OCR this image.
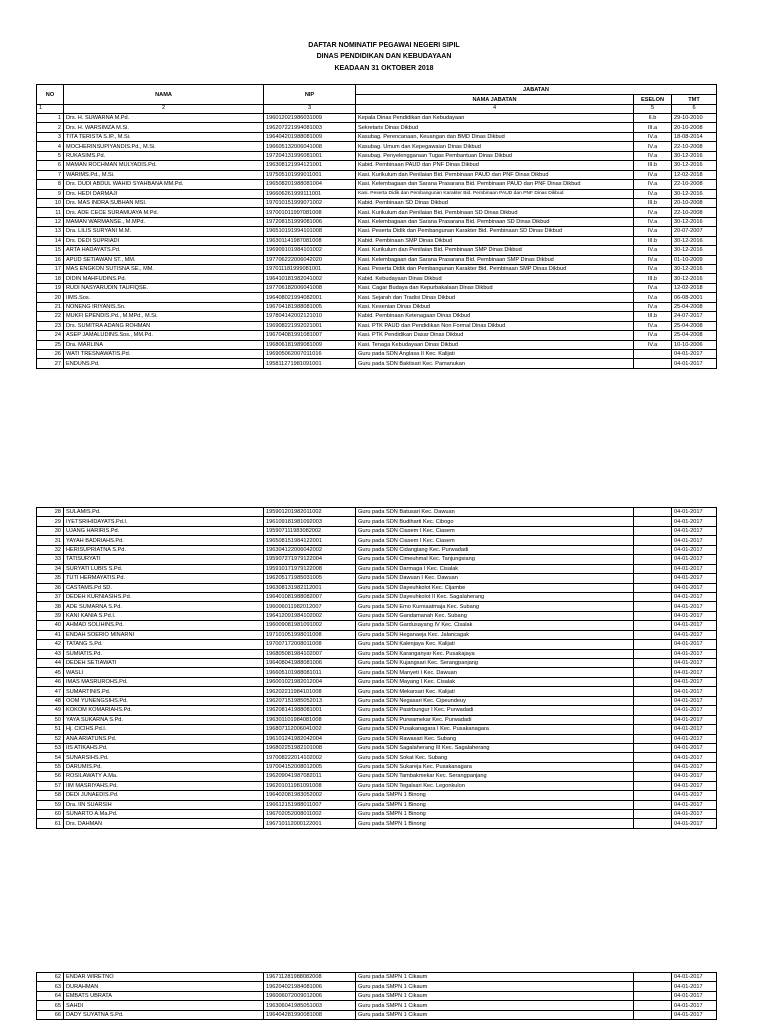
DAFTAR NOMINATIF PEGAWAI NEGERI SIPIL
DINAS PENDIDIKAN DAN KEBUDAYAAN
KEADAAN 31 OKTOBER 2018
NO	NAMA	NIP	JABATAN		
			NAMA JABATAN	ESELON	TMT
1	2	3	4	5	6
1	Drs. H. SUWARNA M.Pd.	196012021986031009	Kepala Dinas Pendidikan dan Kebudayaan	II.b	29-10-2010
2	Drs. H. WARSIMZA M.Si.	196207221994081003	Sekretaris Dinas Dikbud	III.a	20-10-2008
3	TITA TERISTA S.IP., M.Si.	196404201988081009	Kasubag. Perencanaan, Keuangan dan BMD Dinas Dikbud	IV.a	18-08-2014
4	MOCHERINSUPIYANDIS.Pd., M.Si.	196605132006041008	Kasubag. Umum dan Kepegawaian Dinas Dikbud	IV.a	22-10-2008
5	RUKASIMS.Pd.	197204131996081001	Kasubag. Penyelenggaraan Tugas Pembantuan Dinas Dikbud	IV.a	30-12-2016
6	MAMAN ROCHMAN MULYADIS.Pd.	196308121994121001	Kabid. Pembinaan PAUD dan PNF Dinas Dikbud	III.b	30-12-2016
7	WARIMS.Pd., M.Si.	197505101999011001	Kasi. Kurikulum dan Penilaian Bid. Pembinaan PAUD dan PNF Dinas Dikbud	IV.a	12-02-2018
8	Drs. DUDI ABDUL WAHID SYAHBANA MM.Pd.	196508201988081004	Kasi. Kelembagaan dan Sarana Prasarana Bid. Pembinaan PAUD dan PNF Dinas Dikbud	IV.a	22-10-2008
9	Drs. HEDI DARMAJI	196606261999111001	Kasi. Peserta Didik dan Pembangunan Karakter Bid. Pembinaan PAUD dan PNF Dinas Dikbud	IV.a	30-12-2016
10	Drs. MAS INDRA SUBHAN MSI.	197010151999071002	Kabid. Pembinaan SD Dinas Dikbud	III.b	20-10-2008
11	Drs. ADE CECE SURAMUAYA M.Pd.	197001011997081008	Kasi. Kurikulum dan Penilaian Bid. Pembinaan SD Dinas Dikbud	IV.a	22-10-2008
12	MAMAN WARMANSE., M.MPd.	197208151999081006	Kasi. Kelembagaan dan Sarana Prasarana Bid. Pembinaan SD Dinas Dikbud	IV.a	30-12-2016
13	Dra. LILIS SURYANI M.M.	196510191994101008	Kasi. Peserta Didik dan Pembangunan Karakter Bid. Pembinaan SD Dinas Dikbud	IV.a	20-07-2007
14	Drs. DEDI SUPRIADI	196301141987081008	Kabid. Pembinaan SMP Dinas Dikbud	III.b	30-12-2016
15	ARTA HADAYATS.Pd.	196909101984101002	Kasi. Kurikulum dan Penilaian Bid. Pembinaan SMP Dinas Dikbud	IV.a	30-12-2016
16	APUD SETIAWAN ST., MM.	197706222006042020	Kasi. Kelembagaan dan Sarana Prasarana Bid. Pembinaan SMP Dinas Dikbud	IV.a	01-10-2009
17	MAS ENGKON SUTISNA SE., MM.	197011181999081001	Kasi. Peserta Didik dan Pembangunan Karakter Bid. Pembinaan SMP Dinas Dikbud	IV.a	30-12-2016
18	DIDIN MAHFUDINS.Pd.	196410181982041002	Kabid. Kebudayaan Dinas Dikbud	III.b	30-12-2016
19	RUDI NASYARUDIN TAUFIQSE.	197706182006041008	Kasi. Cagar Budaya dan Kepurbakalaan Dinas Dikbud	IV.a	12-02-2018
20	IIMS.Sos.	196408021994082001	Kasi. Sejarah dan Tradisi Dinas Dikbud	IV.a	06-08-2001
21	NONENG IRIYANIS.Sn.	196704181988081005	Kasi. Kesenian Dinas Dikbud	IV.a	25-04-2008
22	MUKFI EPENDIS.Pd., M.MPd., M.Si.	197804142002121010	Kabid. Pembinaan Ketenagaan Dinas Dikbud	III.b	24-07-2017
23	Drs. SUMITRA ADANG ROHMAN	196908221992021001	Kasi. PTK PAUD dan Pendidikan Non Formal Dinas Dikbud	IV.a	25-04-2008
24	ASEP JAMALUDINS.Sos., MM.Pd.	196704081991081007	Kasi. PTK Pendidikan Dasar Dinas Dikbud	IV.a	25-04-2008
25	Dra. MARLINA	196806181989081009	Kasi. Tenaga Kebudayaan Dinas Dikbud	IV.a	10-10-2006
26	WATI TRESNAWATIS.Pd.	196905062007011016	Guru pada SDN Anglasa II Kec. Kalijati		04-01-2017
27	ENDUNS.Pd.	195811271981091001	Guru pada SDN Baktisari Kec. Pamanukan		04-01-2017
28	SULAMIS.Pd.	195901201982011002	Guru pada SDN Batusari Kec. Dawuan		04-01-2017
29	IYETSRIHIDAYATS.Pd.I.	196109181981092003	Guru pada SDN Budiharti Kec. Cibogo		04-01-2017
30	UJANG HARIRIS.Pd.	195907111983082002	Guru pada SDN Ciasem I Kec. Ciasem		04-01-2017
31	YAYAH BADRIAHS.Pd.	196508151984122001	Guru pada SDN Ciasem I Kec. Ciasem		04-01-2017
32	HERISUPRIATNA S.Pd.	196304122006042002	Guru pada SDN Cidangiang Kec. Purwadadi		04-01-2017
33	TATISURYATI	195907271979122004	Guru pada SDN Cimeuhmal Kec. Tanjungsiang		04-01-2017
34	SURYATI LUBIS S.Pd.	195910171979122008	Guru pada SDN Darmaga I Kec. Cisalak		04-01-2017
35	TUTI HERMAYATIS.Pd.	196205171985031005	Guru pada SDN Dawuan I Kec. Dawuan		04-01-2017
36	CASTAMS.Pd SD.	196308131982112001	Guru pada SDN Dayeuhkolot Kec. Cijambe		04-01-2017
37	DEDEH KURNIASIHS.Pd.	196401081988082007	Guru pada SDN Dayeuhkolot II Kec. Sagalaherang		04-01-2017
38	ADE SUMARNA S.Pd.	196006011982012007	Guru pada SDN Emo Kurniaatmaja Kec. Subang		04-01-2017
39	KANI KANIA S.Pd.I.	196412091984102002	Guru pada SDN Gandamanah Kec. Subang		04-01-2017
40	AHMAD SOLIHINS.Pd.	196009081981091002	Guru pada SDN Gardusayang IV Kec. Cisalak		04-01-2017
41	ENDAH SOERIO MINARNI	197101051998011008	Guru pada SDN Heganaeja Kec. Jalancagak		04-01-2017
42	TATANG S.Pd.	197007172008011008	Guru pada SDN Kalenjaya Kec. Kalijati		04-01-2017
43	SUMIATIS.Pd.	196805081984102007	Guru pada SDN Karanganyar Kec. Pusakajaya		04-01-2017
44	DEDEH SETIAWATI	196408041988081006	Guru pada SDN Kujangsari Kec. Serangpanjang		04-01-2017
45	WASLI	196605101988081011	Guru pada SDN Manyeti I Kec. Dawuan		04-01-2017
46	IMAS MASRUROHS.Pd.	196001021982012004	Guru pada SDN Mayang I Kec. Cisalak		04-01-2017
47	SUMARTINIS.Pd.	196202211984101008	Guru pada SDN Mekarsari Kec. Kalijati		04-01-2017
48	OOM YUNENGSIHS.Pd.	196207151985052013	Guru pada SDN Negasari Kec. Cipeundeuy		04-01-2017
49	KOKOM KOMARIAHS.Pd.	196208141988081001	Guru pada SDN Pasirbungur I Kec. Purwadadi		04-01-2017
50	YAYA SUKARNA S.Pd.	196301101984081008	Guru pada SDN Purwamekar Kec. Purwadadi		04-01-2017
51	Hj. CICIHS.Pd.I.	196807112006041002	Guru pada SDN Pusakanagara I Kec. Pusakanagara		04-01-2017
52	ANA ARIATUNS.Pd.	196101241982042004	Guru pada SDN Rawasari Kec. Subang		04-01-2017
53	IIS ATIKAHS.Pd.	196802251982101008	Guru pada SDN Sagalaherang III Kec. Sagalaherang		04-01-2017
54	SUNARSIHS.Pd.	197008222014102002	Guru pada SDN Sokat Kec. Subang		04-01-2017
55	DARUMIS.Pd.	197004152008012005	Guru pada SDN Sukareja Kec. Pusakanagara		04-01-2017
56	ROSILAWATY A.Ma.	196209041987082011	Guru pada SDN Tambakmekar Kec. Serangpanjang		04-01-2017
57	IIM MASRIYAHS.Pd.	196201011981091008	Guru pada SDN Tegalsari Kec. Legonkulon		04-01-2017
58	DEDI JUNAEDIS.Pd.	196402081983052002	Guru pada SMPN 1 Binong		04-01-2017
59	Dra. IIN SUARSIH	196612151988011007	Guru pada SMPN 1 Binong		04-01-2017
60	SUNARTO A.Ma.Pd.	196702052008011002	Guru pada SMPN 1 Binong		04-01-2017
61	Drs. DAHMAN	196710112000122001	Guru pada SMPN 1 Binong		04-01-2017
62	ENDAR WIRETNO	196711281988082008	Guru pada SMPN 1 Cikaum		04-01-2017
63	DURAHMAN	196204021984081006	Guru pada SMPN 1 Cikaum		04-01-2017
64	EMBATS UBRATA	196006072009012006	Guru pada SMPN 1 Cikaum		04-01-2017
65	SAHDI	196306041985051003	Guru pada SMPN 1 Cikaum		04-01-2017
66	DADY SUYATNA S.Pd.	196404281990081008	Guru pada SMPN 1 Cikaum		04-01-2017
